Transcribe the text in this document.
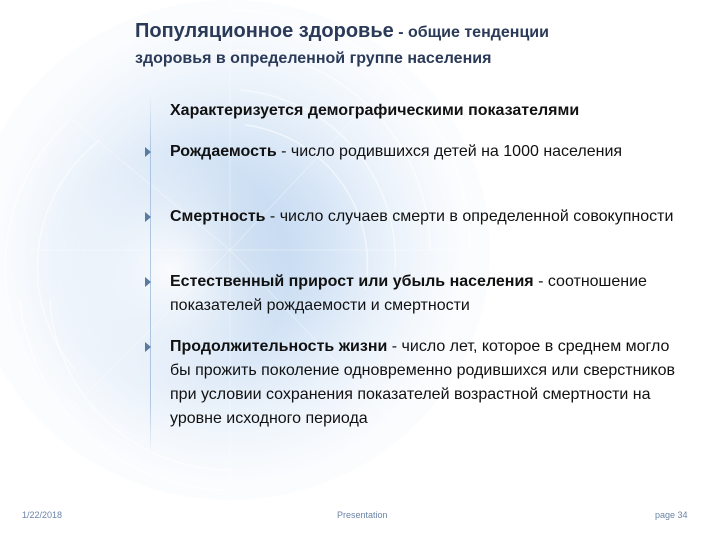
Популяционное здоровье - общие тенденции
здоровья в определенной группе населения
Характеризуется демографическими показателями
Рождаемость - число родившихся детей на 1000 населения
Смертность - число случаев смерти в определенной совокупности
Естественный прирост или убыль населения - соотношение показателей рождаемости и смертности
Продолжительность жизни - число лет, которое в среднем могло бы прожить поколение одновременно родившихся или сверстников при условии сохранения показателей возрастной смертности на уровне исходного периода
1/22/2018	Presentation	page 34
